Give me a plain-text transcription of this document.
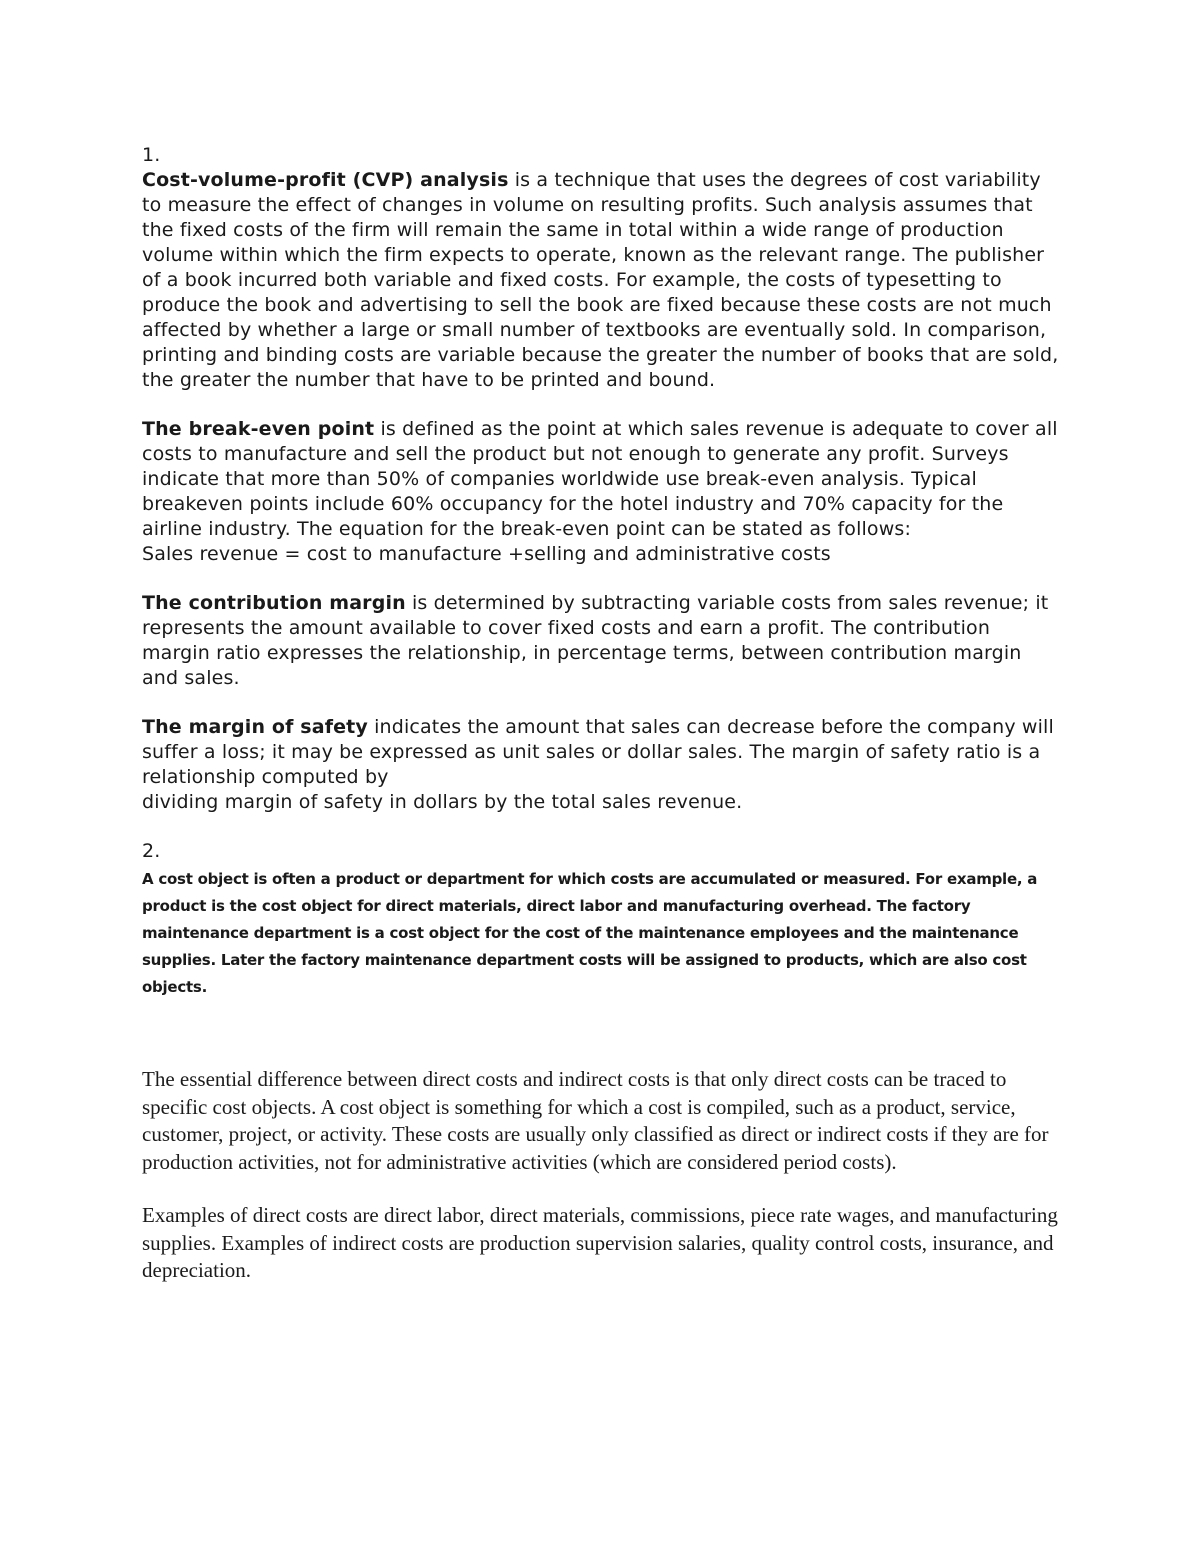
1.

Cost-volume-profit (CVP) analysis is a technique that uses the degrees of cost variability to measure the effect of changes in volume on resulting profits. Such analysis assumes that the fixed costs of the firm will remain the same in total within a wide range of production volume within which the firm expects to operate, known as the relevant range. The publisher of a book incurred both variable and fixed costs. For example, the costs of typesetting to produce the book and advertising to sell the book are fixed because these costs are not much affected by whether a large or small number of textbooks are eventually sold. In comparison, printing and binding costs are variable because the greater the number of books that are sold, the greater the number that have to be printed and bound.

The break-even point is defined as the point at which sales revenue is adequate to cover all costs to manufacture and sell the product but not enough to generate any profit. Surveys indicate that more than 50% of companies worldwide use break-even analysis. Typical breakeven points include 60% occupancy for the hotel industry and 70% capacity for the airline industry. The equation for the break-even point can be stated as follows:

Sales revenue = cost to manufacture +selling and administrative costs

The contribution margin is determined by subtracting variable costs from sales revenue; it represents the amount available to cover fixed costs and earn a profit. The contribution margin ratio expresses the relationship, in percentage terms, between contribution margin and sales.

The margin of safety indicates the amount that sales can decrease before the company will suffer a loss; it may be expressed as unit sales or dollar sales. The margin of safety ratio is a relationship computed by

dividing margin of safety in dollars by the total sales revenue.

2.

A cost object is often a product or department for which costs are accumulated or measured. For example, a product is the cost object for direct materials, direct labor and manufacturing overhead. The factory maintenance department is a cost object for the cost of the maintenance employees and the maintenance supplies. Later the factory maintenance department costs will be assigned to products, which are also cost objects.

The essential difference between direct costs and indirect costs is that only direct costs can be traced to specific cost objects. A cost object is something for which a cost is compiled, such as a product, service, customer, project, or activity. These costs are usually only classified as direct or indirect costs if they are for production activities, not for administrative activities (which are considered period costs).

Examples of direct costs are direct labor, direct materials, commissions, piece rate wages, and manufacturing supplies. Examples of indirect costs are production supervision salaries, quality control costs, insurance, and depreciation.
